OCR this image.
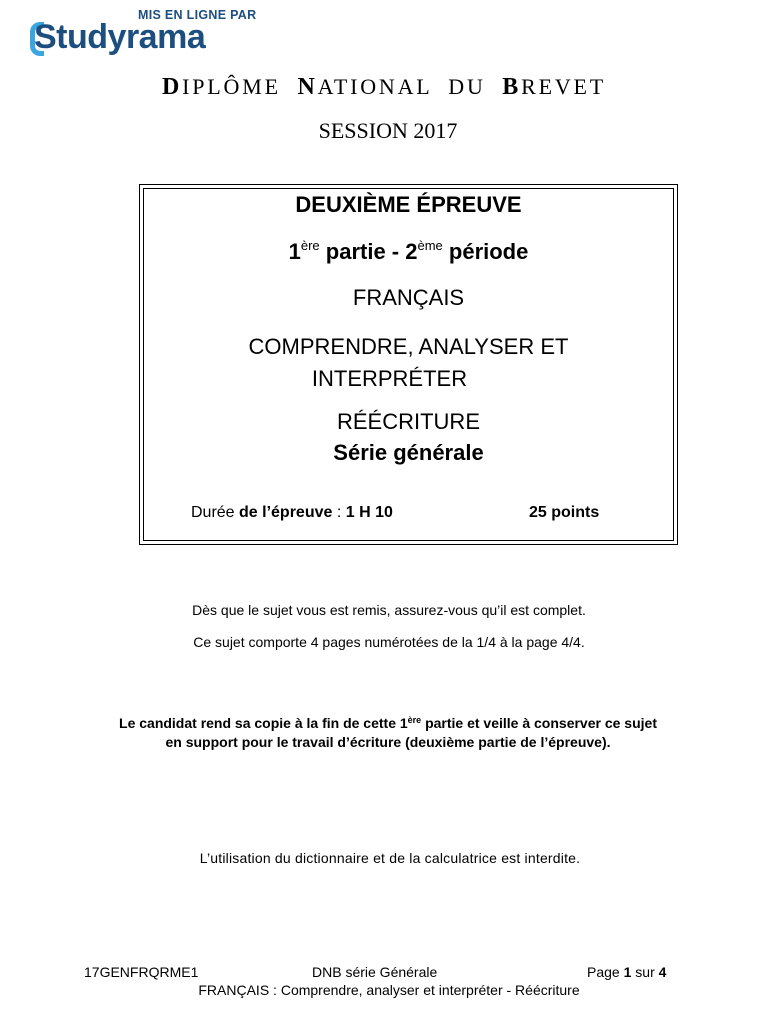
MIS EN LIGNE PAR
Studyrama
DIPLÔME NATIONAL DU BREVET
SESSION 2017
DEUXIÈME ÉPREUVE
1ère partie - 2ème période
FRANÇAIS
COMPRENDRE, ANALYSER ET
INTERPRÉTER
RÉÉCRITURE
Série générale
Durée de l’épreuve : 1 H 10	25 points
Dès que le sujet vous est remis, assurez-vous qu’il est complet.
Ce sujet comporte 4 pages numérotées de la 1/4 à la page 4/4.
Le candidat rend sa copie à la fin de cette 1ère partie et veille à conserver ce sujet
en support pour le travail d’écriture (deuxième partie de l’épreuve).
L’utilisation du dictionnaire et de la calculatrice est interdite.
17GENFRQRME1	DNB série Générale	Page 1 sur 4
FRANÇAIS : Comprendre, analyser et interpréter - Réécriture
